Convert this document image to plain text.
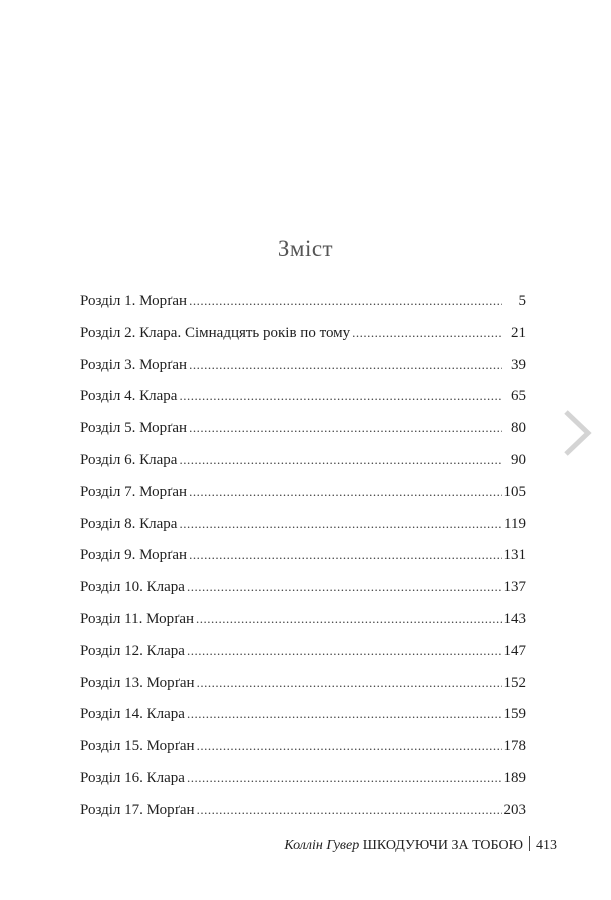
Зміст
Розділ 1. Морґан .....	5
Розділ 2. Клара. Сімнадцять років по тому .....	21
Розділ 3. Морґан .....	39
Розділ 4. Клара .....	65
Розділ 5. Морґан .....	80
Розділ 6. Клара .....	90
Розділ 7. Морґан .....	105
Розділ 8. Клара .....	119
Розділ 9. Морґан .....	131
Розділ 10. Клара .....	137
Розділ 11. Морґан .....	143
Розділ 12. Клара .....	147
Розділ 13. Морґан .....	152
Розділ 14. Клара .....	159
Розділ 15. Морґан .....	178
Розділ 16. Клара .....	189
Розділ 17. Морґан .....	203
Коллін Гувер ШКОДУЮЧИ ЗА ТОБОЮ 413
